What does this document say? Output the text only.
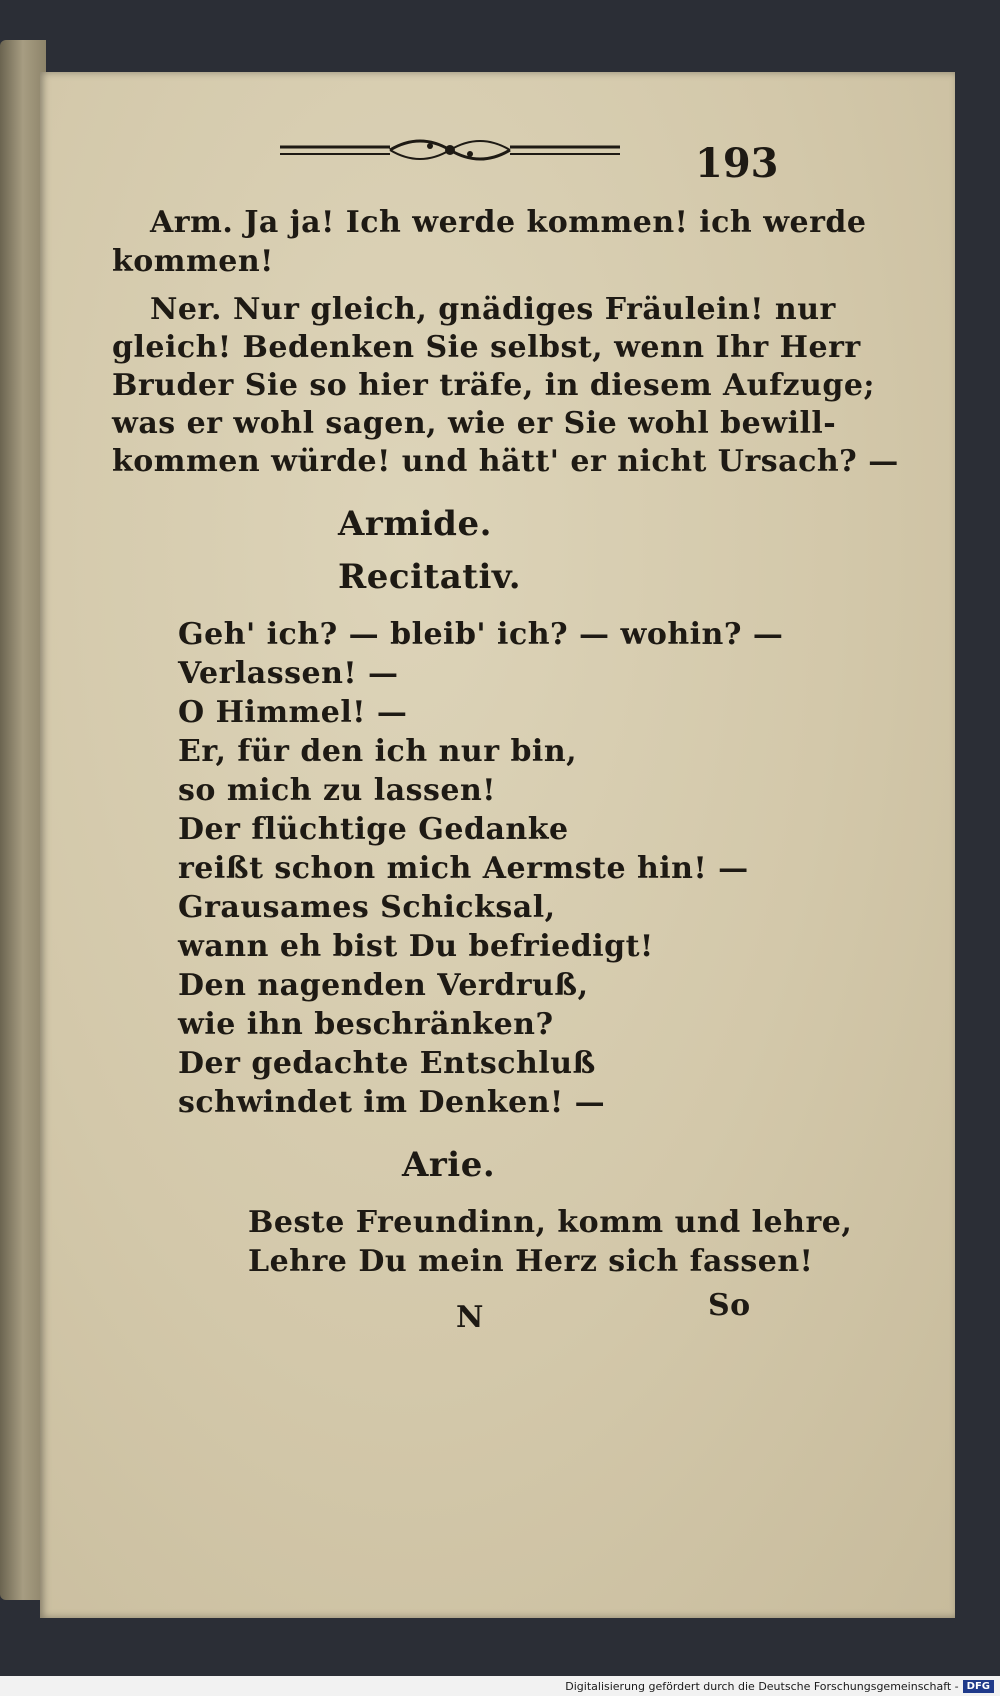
193
Arm. Ja ja! Ich werde kommen! ich werde
kommen!
Ner. Nur gleich, gnädiges Fräulein! nur
gleich! Bedenken Sie selbst, wenn Ihr Herr
Bruder Sie so hier träfe, in diesem Aufzuge;
was er wohl sagen, wie er Sie wohl bewill-
kommen würde! und hätt' er nicht Ursach? —
Armide.
Recitativ.
Geh' ich? — bleib' ich? — wohin? —
Verlassen! —
O Himmel! —
Er, für den ich nur bin,
so mich zu lassen!
Der flüchtige Gedanke
reißt schon mich Aermste hin! —
Grausames Schicksal,
wann eh bist Du befriedigt!
Den nagenden Verdruß,
wie ihn beschränken?
Der gedachte Entschluß
schwindet im Denken! —
Arie.
Beste Freundinn, komm und lehre,
Lehre Du mein Herz sich fassen!
N	So
Digitalisierung gefördert durch die Deutsche Forschungsgemeinschaft - DFG
